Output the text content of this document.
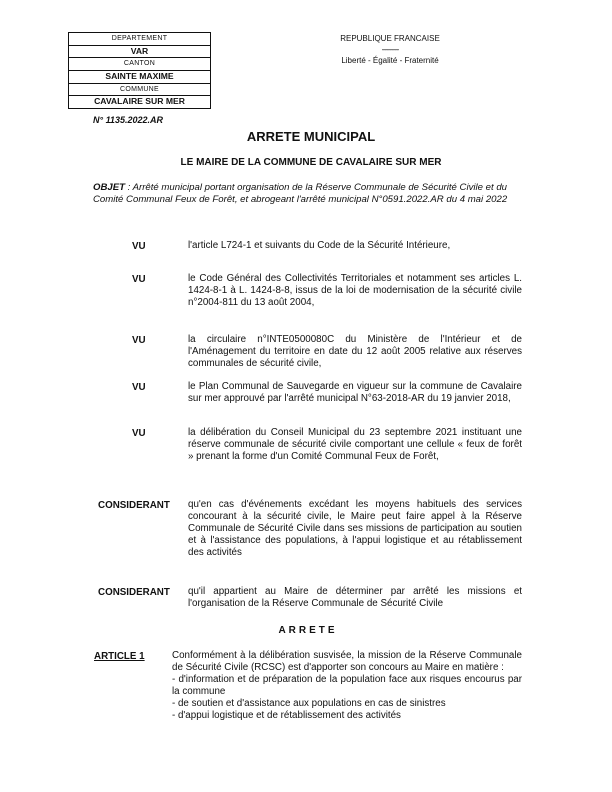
DEPARTEMENT
VAR
CANTON
SAINTE MAXIME
COMMUNE
CAVALAIRE SUR MER
REPUBLIQUE FRANCAISE
----------
Liberté - Égalité - Fraternité
N° 1135.2022.AR
ARRETE MUNICIPAL
LE MAIRE DE LA COMMUNE DE CAVALAIRE SUR MER
OBJET : Arrêté municipal portant organisation de la Réserve Communale de Sécurité Civile et du Comité Communal Feux de Forêt, et abrogeant l'arrêté municipal N°0591.2022.AR du 4 mai 2022
VU	l'article L724-1 et suivants du Code de la Sécurité Intérieure,
VU	le Code Général des Collectivités Territoriales et notamment ses articles L. 1424-8-1 à L. 1424-8-8, issus de la loi de modernisation de la sécurité civile n°2004-811 du 13 août 2004,
VU	la circulaire n°INTE0500080C du Ministère de l'Intérieur et de l'Aménagement du territoire en date du 12 août 2005 relative aux réserves communales de sécurité civile,
VU	le Plan Communal de Sauvegarde en vigueur sur la commune de Cavalaire sur mer approuvé par l'arrêté municipal N°63-2018-AR du 19 janvier 2018,
VU	la délibération du Conseil Municipal du 23 septembre 2021 instituant une réserve communale de sécurité civile comportant une cellule « feux de forêt » prenant la forme d'un Comité Communal Feux de Forêt,
CONSIDERANT qu'en cas d'événements excédant les moyens habituels des services concourant à la sécurité civile, le Maire peut faire appel à la Réserve Communale de Sécurité Civile dans ses missions de participation au soutien et à l'assistance des populations, à l'appui logistique et au rétablissement des activités
CONSIDERANT qu'il appartient au Maire de déterminer par arrêté les missions et l'organisation de la Réserve Communale de Sécurité Civile
ARRETE
ARTICLE 1	Conformément à la délibération susvisée, la mission de la Réserve Communale de Sécurité Civile (RCSC) est d'apporter son concours au Maire en matière :
- d'information et de préparation de la population face aux risques encourus par la commune
- de soutien et d'assistance aux populations en cas de sinistres
- d'appui logistique et de rétablissement des activités
